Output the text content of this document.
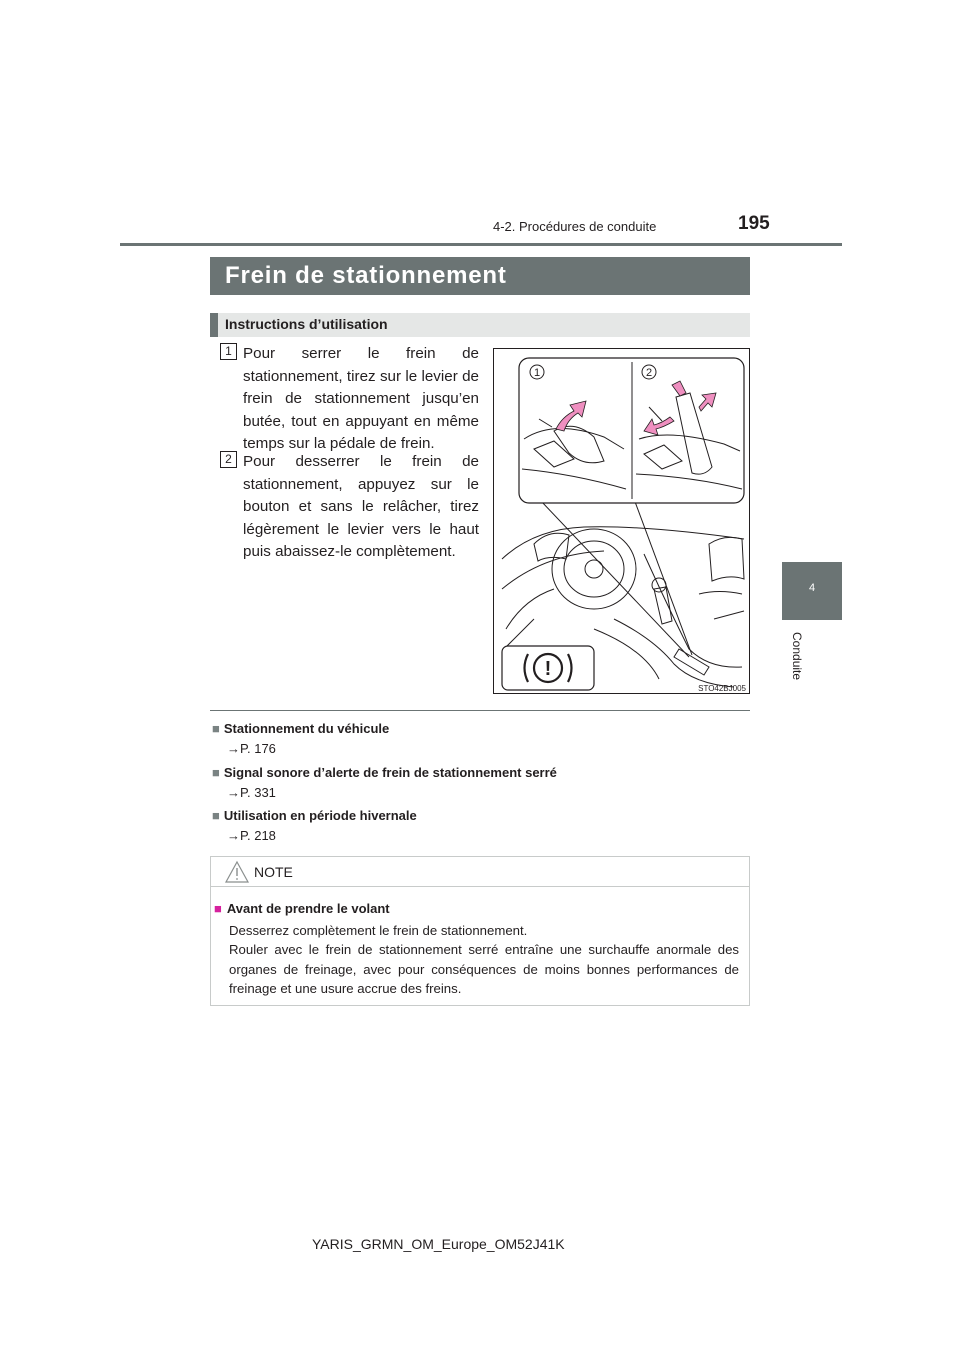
4-2. Procédures de conduite	195
4
Conduite
Frein de stationnement
Instructions d’utilisation
1 Pour serrer le frein de stationnement, tirez sur le levier de frein de stationnement jusqu’en butée, tout en appuyant en même temps sur la pédale de frein.
2 Pour desserrer le frein de stationnement, appuyez sur le bouton et sans le relâcher, tirez légèrement le levier vers le haut puis abaissez-le complètement.
1	2
!
STO42BJ005
■ Stationnement du véhicule
→P. 176
■ Signal sonore d’alerte de frein de stationnement serré
→P. 331
■ Utilisation en période hivernale
→P. 218
NOTE
■ Avant de prendre le volant
Desserrez complètement le frein de stationnement.
Rouler avec le frein de stationnement serré entraîne une surchauffe anormale des organes de freinage, avec pour conséquences de moins bonnes performances de freinage et une usure accrue des freins.
YARIS_GRMN_OM_Europe_OM52J41K
